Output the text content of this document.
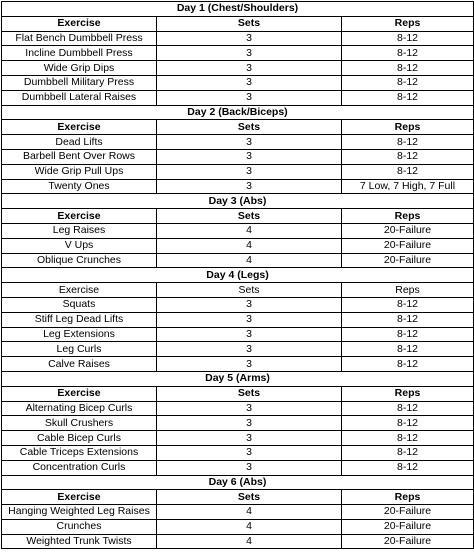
Day 1 (Chest/Shoulders)		
Exercise	Sets	Reps
Flat Bench Dumbbell Press	3	8-12
Incline Dumbbell Press	3	8-12
Wide Grip Dips	3	8-12
Dumbbell Military Press	3	8-12
Dumbbell Lateral Raises	3	8-12
Day 2 (Back/Biceps)		
Exercise	Sets	Reps
Dead Lifts	3	8-12
Barbell Bent Over Rows	3	8-12
Wide Grip Pull Ups	3	8-12
Twenty Ones	3	7 Low, 7 High, 7 Full
Day 3 (Abs)		
Exercise	Sets	Reps
Leg Raises	4	20-Failure
V Ups	4	20-Failure
Oblique Crunches	4	20-Failure
Day 4 (Legs)		
Exercise	Sets	Reps
Squats	3	8-12
Stiff Leg Dead Lifts	3	8-12
Leg Extensions	3	8-12
Leg Curls	3	8-12
Calve Raises	3	8-12
Day 5 (Arms)		
Exercise	Sets	Reps
Alternating Bicep Curls	3	8-12
Skull Crushers	3	8-12
Cable Bicep Curls	3	8-12
Cable Triceps Extensions	3	8-12
Concentration Curls	3	8-12
Day 6 (Abs)		
Exercise	Sets	Reps
Hanging Weighted Leg Raises	4	20-Failure
Crunches	4	20-Failure
Weighted Trunk Twists	4	20-Failure
